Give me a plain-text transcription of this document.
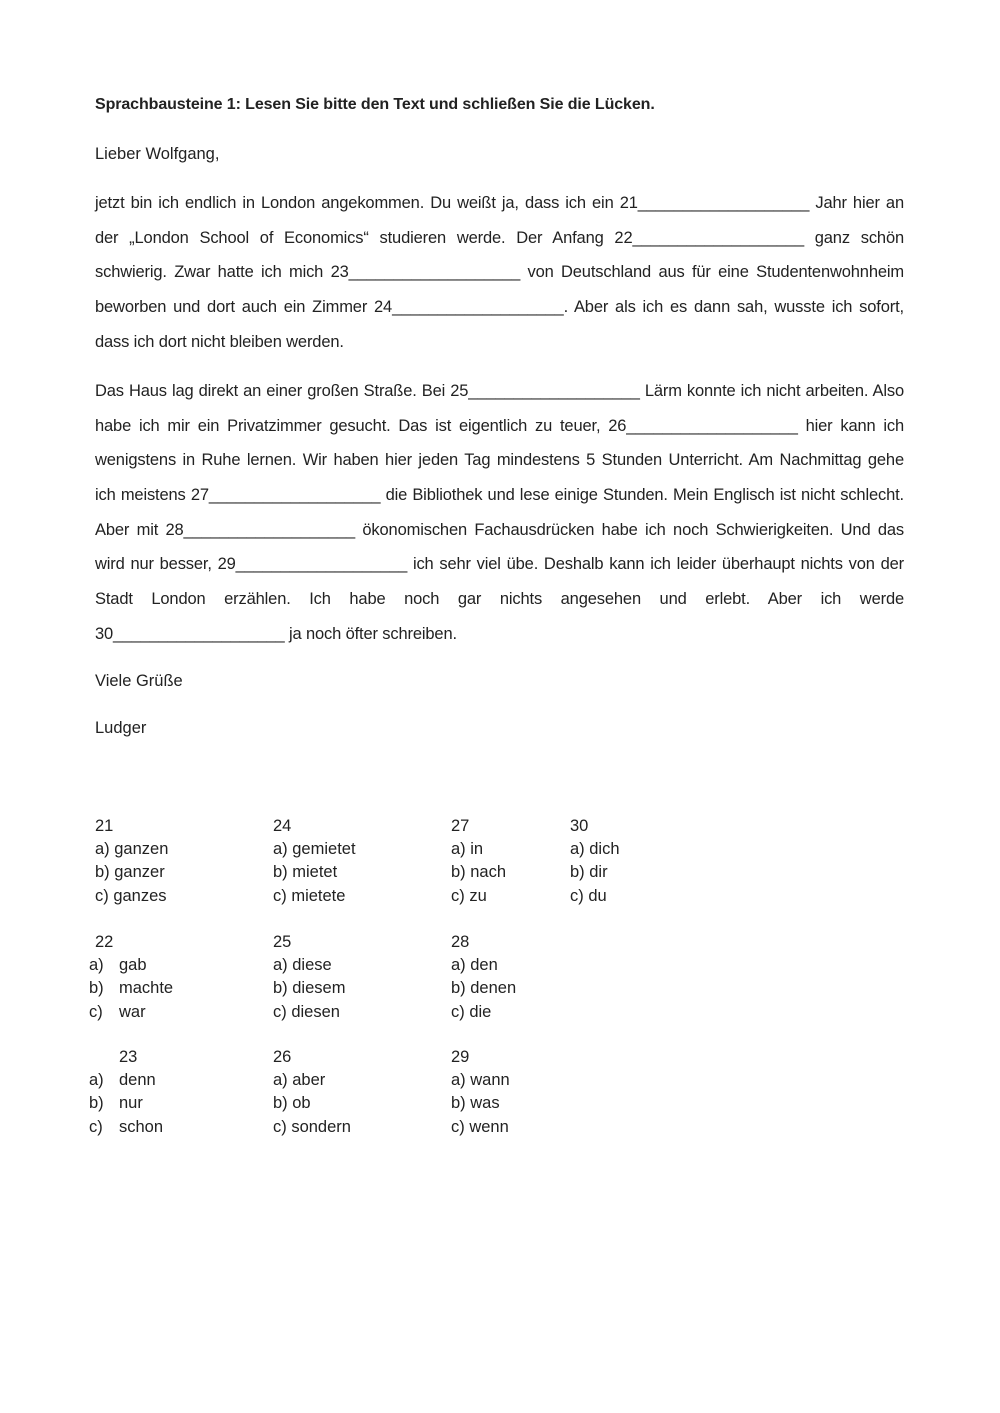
Sprachbausteine 1: Lesen Sie bitte den Text und schließen Sie die Lücken.
Lieber Wolfgang,
jetzt bin ich endlich in London angekommen. Du weißt ja, dass ich ein 21___________________ Jahr hier an
der „London School of Economics“ studieren werde. Der Anfang 22___________________ ganz schön
schwierig. Zwar hatte ich mich 23___________________ von Deutschland aus für eine Studentenwohnheim
beworben und dort auch ein Zimmer 24___________________. Aber als ich es dann sah, wusste ich sofort,
dass ich dort nicht bleiben werden.
Das Haus lag direkt an einer großen Straße. Bei 25___________________ Lärm konnte ich nicht arbeiten. Also
habe ich mir ein Privatzimmer gesucht. Das ist eigentlich zu teuer, 26___________________ hier kann ich
wenigstens in Ruhe lernen. Wir haben hier jeden Tag mindestens 5 Stunden Unterricht. Am Nachmittag gehe
ich meistens 27___________________ die Bibliothek und lese einige Stunden. Mein Englisch ist nicht schlecht.
Aber mit 28___________________ ökonomischen Fachausdrücken habe ich noch Schwierigkeiten. Und das
wird nur besser, 29___________________ ich sehr viel übe. Deshalb kann ich leider überhaupt nichts von der
Stadt London erzählen. Ich habe noch gar nichts angesehen und erlebt. Aber ich werde
30___________________ ja noch öfter schreiben.
Viele Grüße
Ludger
21
a) ganzen
b) ganzer
c) ganzes
24
a) gemietet
b) mietet
c) mietete
27
a) in
b) nach
c) zu
30
a) dich
b) dir
c) du
22
a) gab
b) machte
c) war
25
a) diese
b) diesem
c) diesen
28
a) den
b) denen
c) die
23
a) denn
b) nur
c) schon
26
a) aber
b) ob
c) sondern
29
a) wann
b) was
c) wenn
